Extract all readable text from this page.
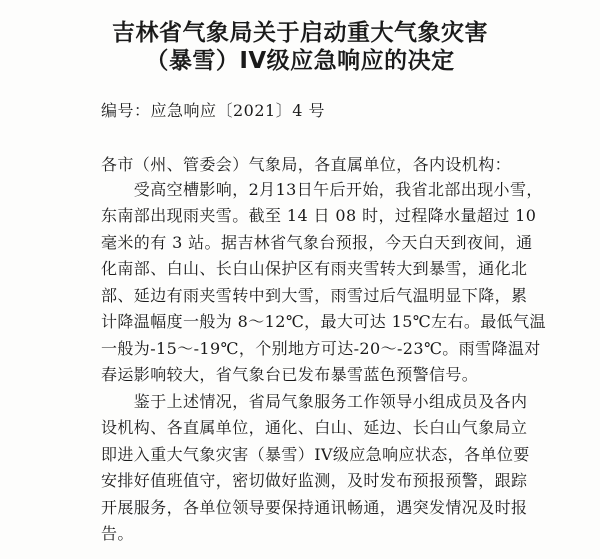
吉林省气象局关于启动重大气象灾害
（暴雪）IV级应急响应的决定
编号：应急响应〔2021〕4 号
各市（州、管委会）气象局，各直属单位，各内设机构：
　　受高空槽影响，2月13日午后开始，我省北部出现小雪，
东南部出现雨夹雪。截至 14 日 08 时，过程降水量超过 10
毫米的有 3 站。据吉林省气象台预报，今天白天到夜间，通
化南部、白山、长白山保护区有雨夹雪转大到暴雪，通化北
部、延边有雨夹雪转中到大雪，雨雪过后气温明显下降，累
计降温幅度一般为 8～12℃，最大可达 15℃左右。最低气温
一般为-15～-19℃，个别地方可达-20～-23℃。雨雪降温对
春运影响较大，省气象台已发布暴雪蓝色预警信号。
　　鉴于上述情况，省局气象服务工作领导小组成员及各内
设机构、各直属单位，通化、白山、延边、长白山气象局立
即进入重大气象灾害（暴雪）IV级应急响应状态，各单位要
安排好值班值守，密切做好监测，及时发布预报预警，跟踪
开展服务，各单位领导要保持通讯畅通，遇突发情况及时报
告。
